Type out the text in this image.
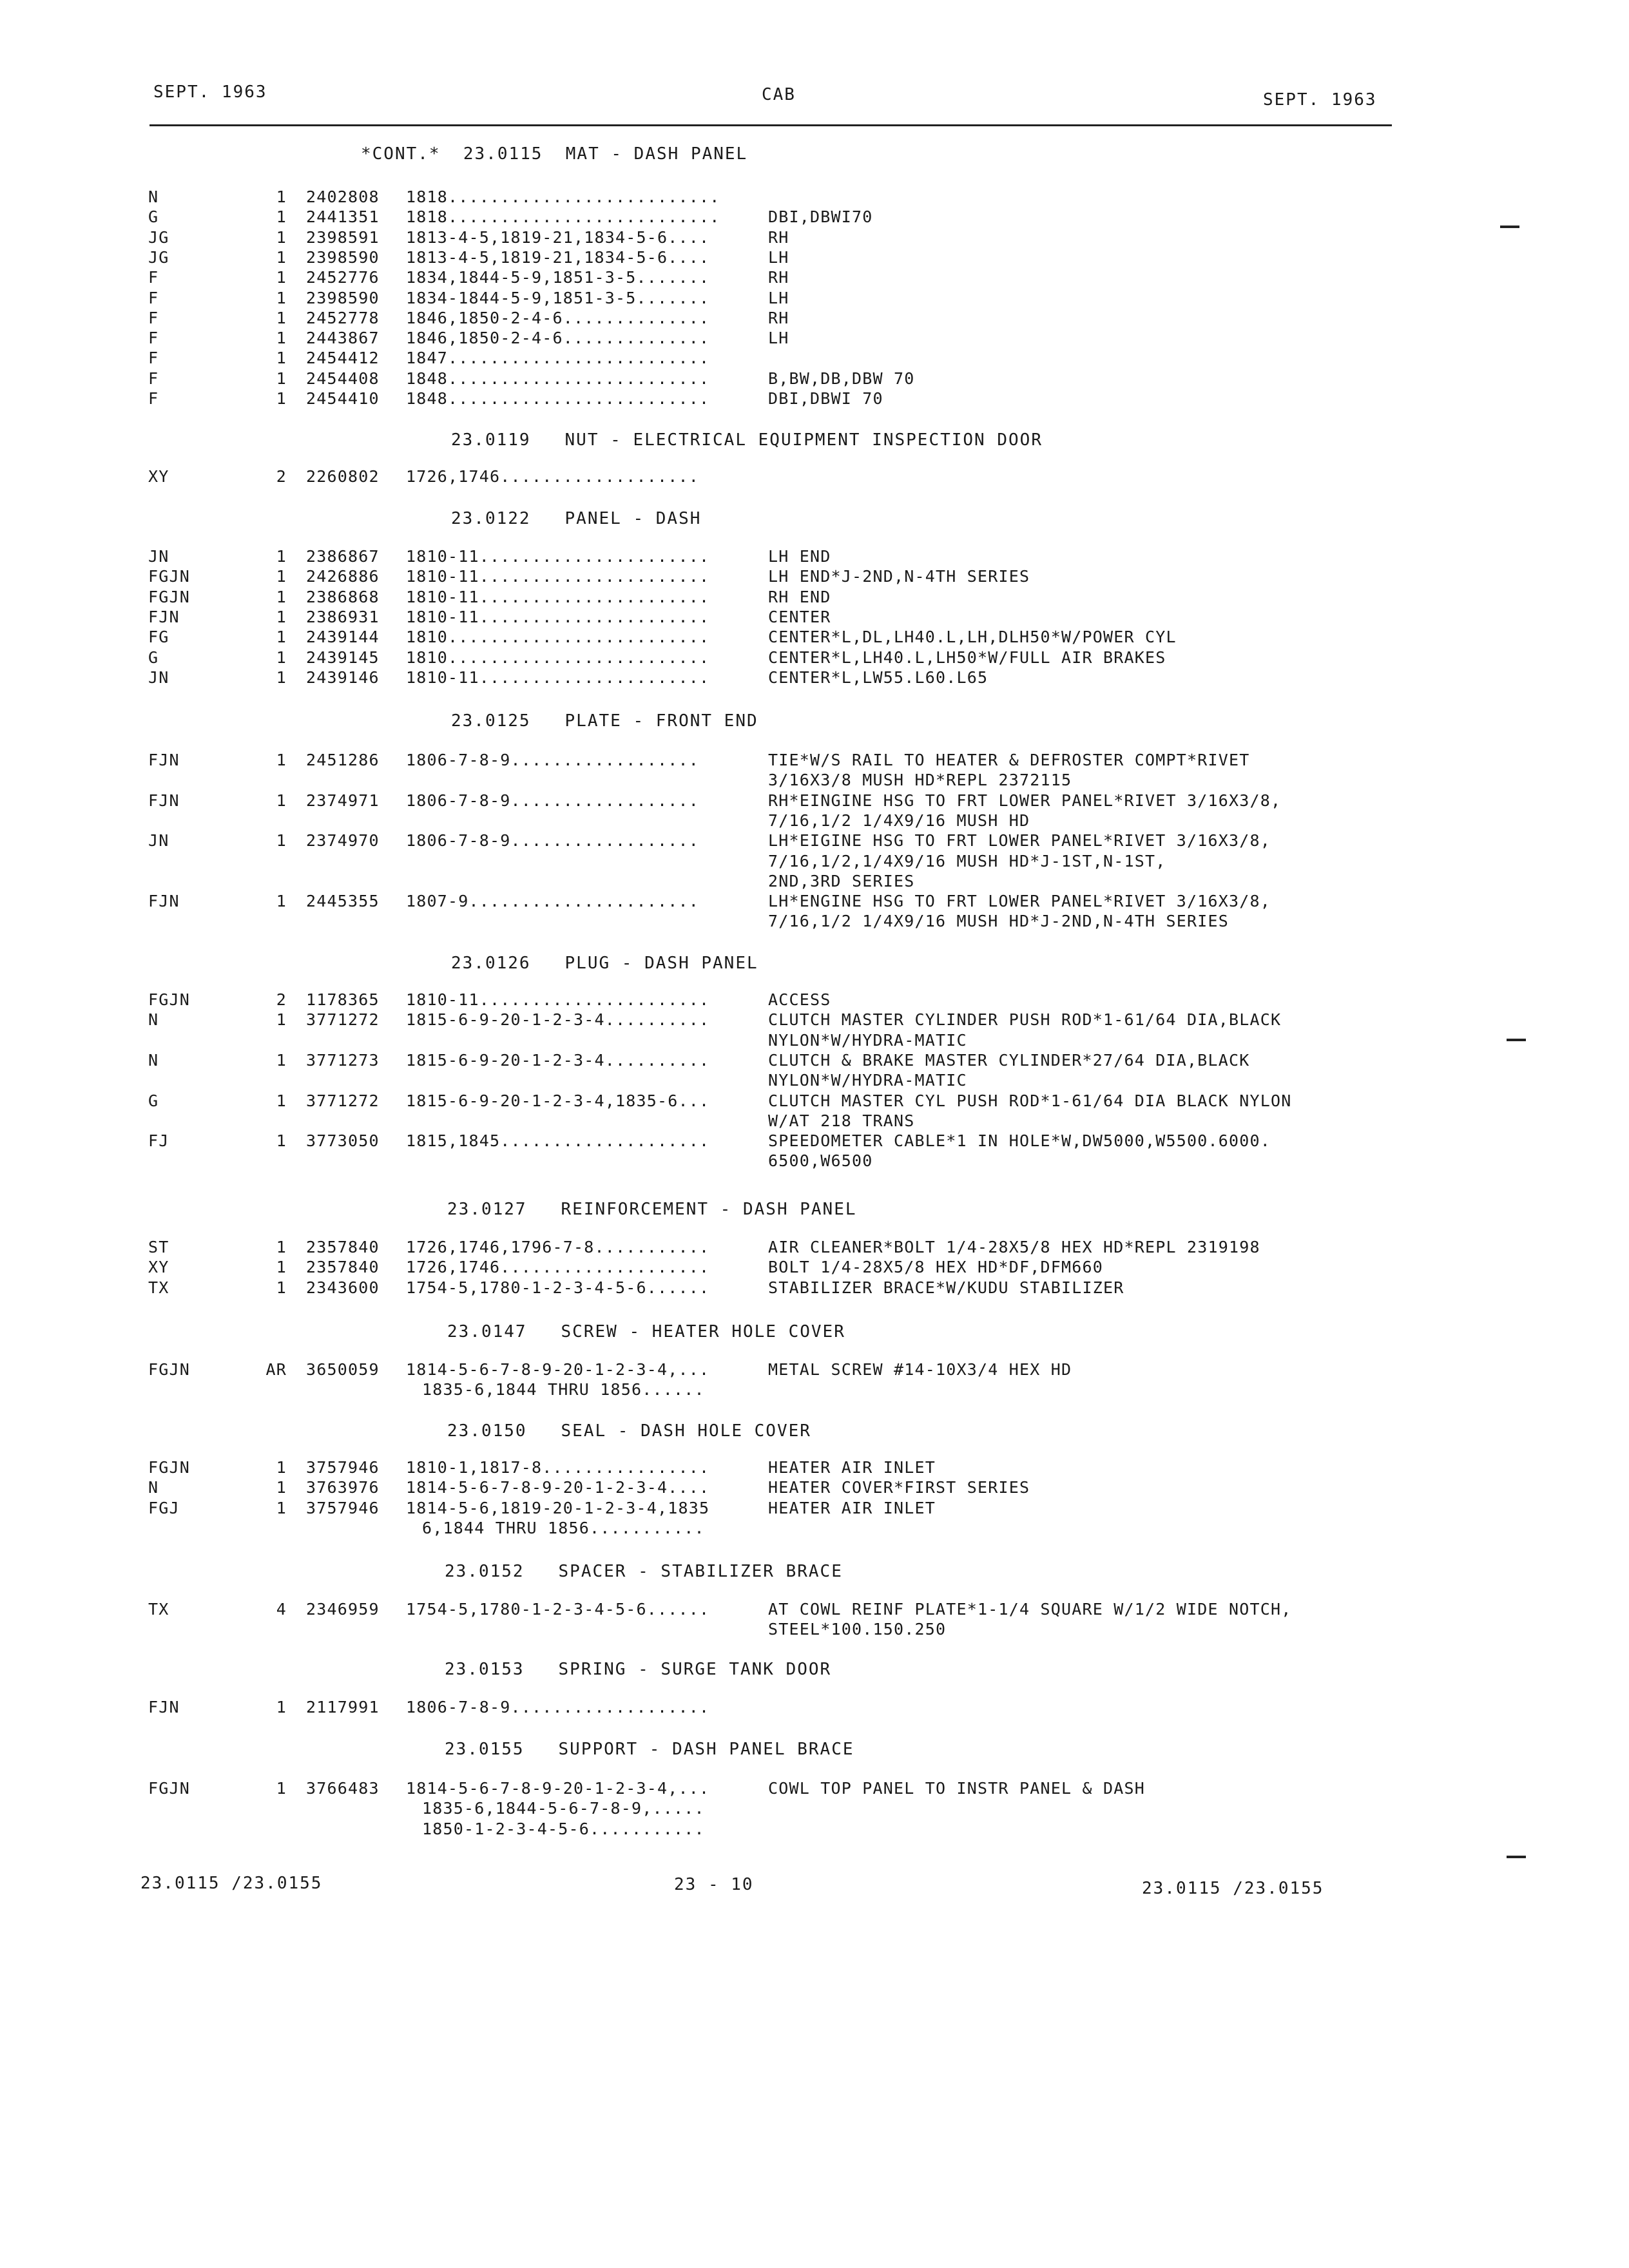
SEPT. 1963	CAB	SEPT. 1963
*CONT.*  23.0115  MAT - DASH PANEL
N	1 2402808 1818..........................
G	1 2441351 1818..........................	DBI,DBWI70
JG	1 2398591 1813-4-5,1819-21,1834-5-6....	RH
JG	1 2398590 1813-4-5,1819-21,1834-5-6....	LH
F	1 2452776 1834,1844-5-9,1851-3-5.......	RH
F	1 2398590 1834-1844-5-9,1851-3-5.......	LH
F	1 2452778 1846,1850-2-4-6..............	RH
F	1 2443867 1846,1850-2-4-6..............	LH
F	1 2454412 1847.........................
F	1 2454408 1848.........................	B,BW,DB,DBW 70
F	1 2454410 1848.........................	DBI,DBWI 70
23.0119   NUT - ELECTRICAL EQUIPMENT INSPECTION DOOR
XY	2 2260802 1726,1746...................
23.0122   PANEL - DASH
JN	1 2386867 1810-11......................	LH END
FGJN	1 2426886 1810-11......................	LH END*J-2ND,N-4TH SERIES
FGJN	1 2386868 1810-11......................	RH END
FJN	1 2386931 1810-11......................	CENTER
FG	1 2439144 1810.........................	CENTER*L,DL,LH40.L,LH,DLH50*W/POWER CYL
G	1 2439145 1810.........................	CENTER*L,LH40.L,LH50*W/FULL AIR BRAKES
JN	1 2439146 1810-11......................	CENTER*L,LW55.L60.L65
23.0125   PLATE - FRONT END
FJN	1 2451286 1806-7-8-9..................	TIE*W/S RAIL TO HEATER & DEFROSTER COMPT*RIVET
3/16X3/8 MUSH HD*REPL 2372115
FJN	1 2374971 1806-7-8-9..................	RH*EINGINE HSG TO FRT LOWER PANEL*RIVET 3/16X3/8,
7/16,1/2 1/4X9/16 MUSH HD
JN	1 2374970 1806-7-8-9..................	LH*EIGINE HSG TO FRT LOWER PANEL*RIVET 3/16X3/8,
7/16,1/2,1/4X9/16 MUSH HD*J-1ST,N-1ST,
2ND,3RD SERIES
FJN	1 2445355 1807-9......................	LH*ENGINE HSG TO FRT LOWER PANEL*RIVET 3/16X3/8,
7/16,1/2 1/4X9/16 MUSH HD*J-2ND,N-4TH SERIES
23.0126   PLUG - DASH PANEL
FGJN	2 1178365 1810-11......................	ACCESS
N	1 3771272 1815-6-9-20-1-2-3-4..........	CLUTCH MASTER CYLINDER PUSH ROD*1-61/64 DIA,BLACK
NYLON*W/HYDRA-MATIC
N	1 3771273 1815-6-9-20-1-2-3-4..........	CLUTCH & BRAKE MASTER CYLINDER*27/64 DIA,BLACK
NYLON*W/HYDRA-MATIC
G	1 3771272 1815-6-9-20-1-2-3-4,1835-6...	CLUTCH MASTER CYL PUSH ROD*1-61/64 DIA BLACK NYLON
W/AT 218 TRANS
FJ	1 3773050 1815,1845....................	SPEEDOMETER CABLE*1 IN HOLE*W,DW5000,W5500.6000.
6500,W6500
23.0127   REINFORCEMENT - DASH PANEL
ST	1 2357840 1726,1746,1796-7-8...........	AIR CLEANER*BOLT 1/4-28X5/8 HEX HD*REPL 2319198
XY	1 2357840 1726,1746....................	BOLT 1/4-28X5/8 HEX HD*DF,DFM660
TX	1 2343600 1754-5,1780-1-2-3-4-5-6......	STABILIZER BRACE*W/KUDU STABILIZER
23.0147   SCREW - HEATER HOLE COVER
FGJN	AR 3650059 1814-5-6-7-8-9-20-1-2-3-4,...	METAL SCREW #14-10X3/4 HEX HD
1835-6,1844 THRU 1856......
23.0150   SEAL - DASH HOLE COVER
FGJN	1 3757946 1810-1,1817-8................	HEATER AIR INLET
N	1 3763976 1814-5-6-7-8-9-20-1-2-3-4....	HEATER COVER*FIRST SERIES
FGJ	1 3757946 1814-5-6,1819-20-1-2-3-4,1835	HEATER AIR INLET
6,1844 THRU 1856...........
23.0152   SPACER - STABILIZER BRACE
TX	4 2346959 1754-5,1780-1-2-3-4-5-6......	AT COWL REINF PLATE*1-1/4 SQUARE W/1/2 WIDE NOTCH,
STEEL*100.150.250
23.0153   SPRING - SURGE TANK DOOR
FJN	1 2117991 1806-7-8-9...................
23.0155   SUPPORT - DASH PANEL BRACE
FGJN	1 3766483 1814-5-6-7-8-9-20-1-2-3-4,...	COWL TOP PANEL TO INSTR PANEL & DASH
1835-6,1844-5-6-7-8-9,.....
1850-1-2-3-4-5-6...........
23.0115 /23.0155	23 - 10	23.0115 /23.0155
